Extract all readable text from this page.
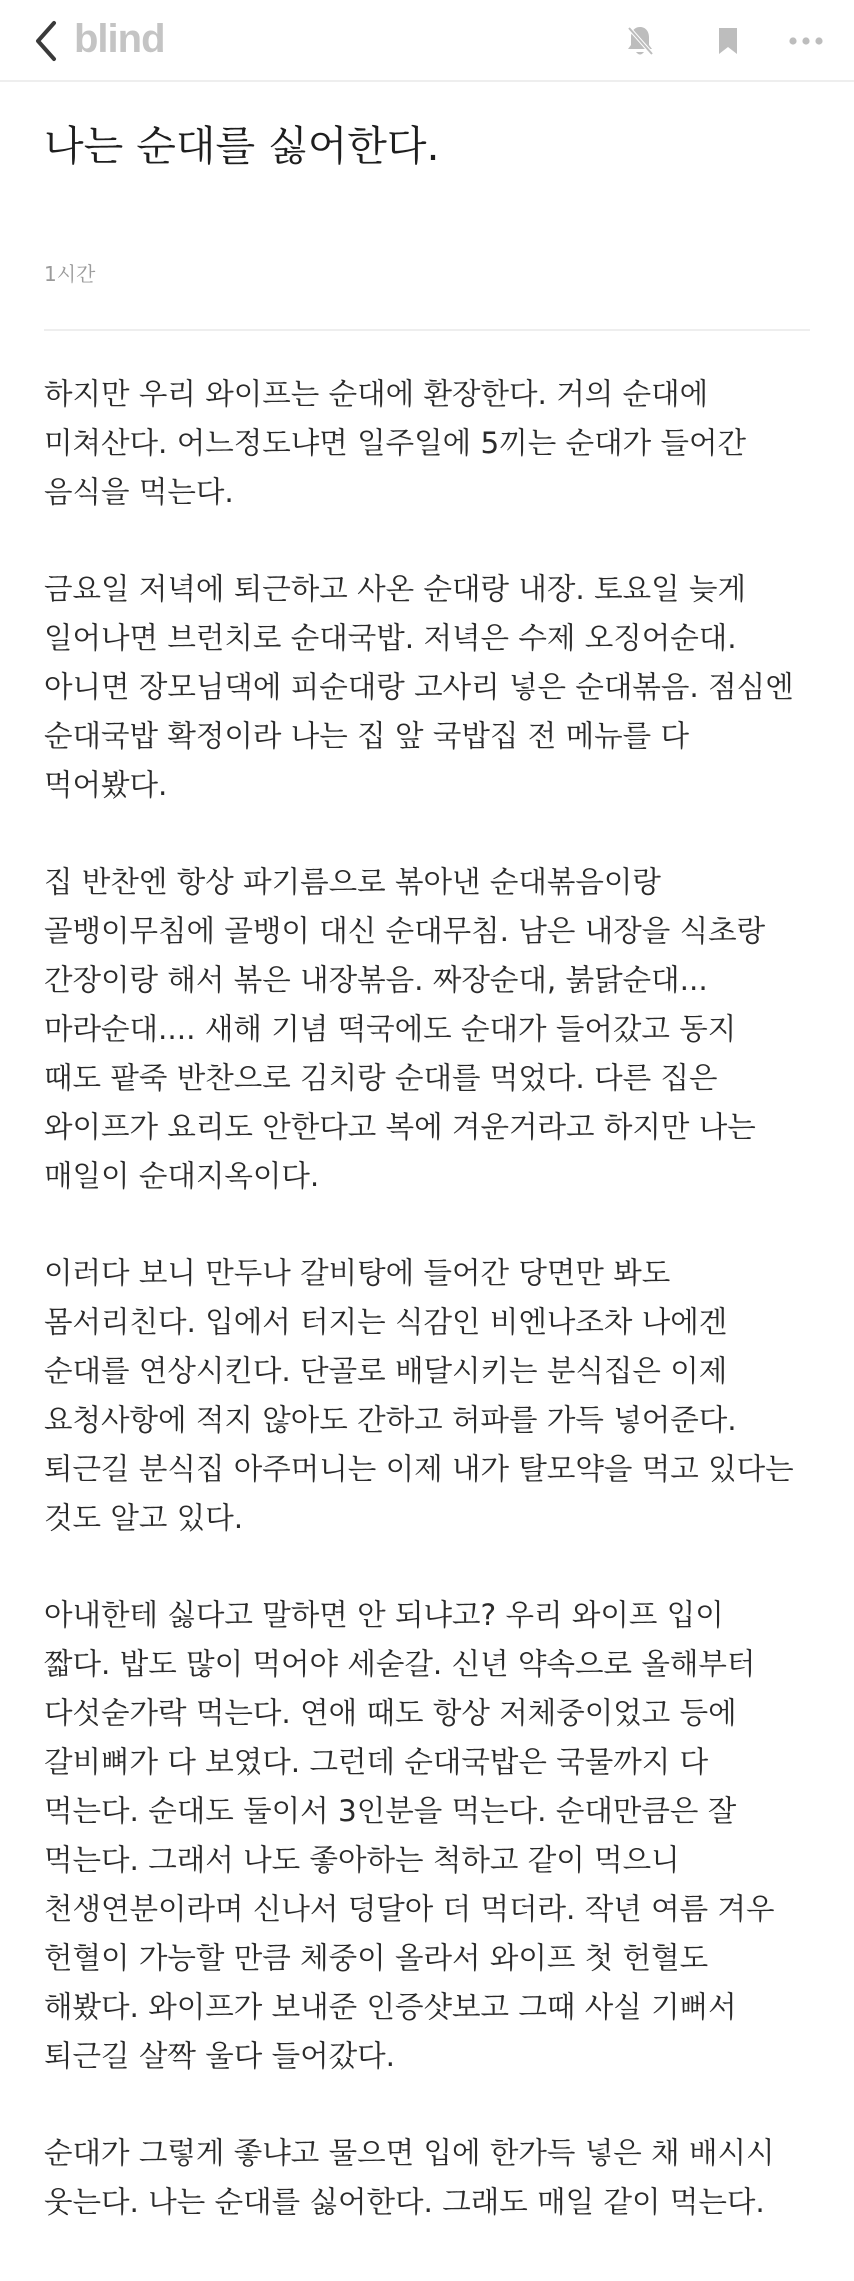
blind
나는 순대를 싫어한다.
1시간
하지만 우리 와이프는 순대에 환장한다. 거의 순대에
미쳐산다. 어느정도냐면 일주일에 5끼는 순대가 들어간
음식을 먹는다.
금요일 저녁에 퇴근하고 사온 순대랑 내장. 토요일 늦게
일어나면 브런치로 순대국밥. 저녁은 수제 오징어순대.
아니면 장모님댁에 피순대랑 고사리 넣은 순대볶음. 점심엔
순대국밥 확정이라 나는 집 앞 국밥집 전 메뉴를 다
먹어봤다.
집 반찬엔 항상 파기름으로 볶아낸 순대볶음이랑
골뱅이무침에 골뱅이 대신 순대무침. 남은 내장을 식초랑
간장이랑 해서 볶은 내장볶음. 짜장순대, 붉닭순대...
마라순대.... 새해 기념 떡국에도 순대가 들어갔고 동지
때도 팥죽 반찬으로 김치랑 순대를 먹었다. 다른 집은
와이프가 요리도 안한다고 복에 겨운거라고 하지만 나는
매일이 순대지옥이다.
이러다 보니 만두나 갈비탕에 들어간 당면만 봐도
몸서리친다. 입에서 터지는 식감인 비엔나조차 나에겐
순대를 연상시킨다. 단골로 배달시키는 분식집은 이제
요청사항에 적지 않아도 간하고 허파를 가득 넣어준다.
퇴근길 분식집 아주머니는 이제 내가 탈모약을 먹고 있다는
것도 알고 있다.
아내한테 싫다고 말하면 안 되냐고? 우리 와이프 입이
짧다. 밥도 많이 먹어야 세숟갈. 신년 약속으로 올해부터
다섯숟가락 먹는다. 연애 때도 항상 저체중이었고 등에
갈비뼈가 다 보였다. 그런데 순대국밥은 국물까지 다
먹는다. 순대도 둘이서 3인분을 먹는다. 순대만큼은 잘
먹는다. 그래서 나도 좋아하는 척하고 같이 먹으니
천생연분이라며 신나서 덩달아 더 먹더라. 작년 여름 겨우
헌혈이 가능할 만큼 체중이 올라서 와이프 첫 헌혈도
해봤다. 와이프가 보내준 인증샷보고 그때 사실 기뻐서
퇴근길 살짝 울다 들어갔다.
순대가 그렇게 좋냐고 물으면 입에 한가득 넣은 채 배시시
웃는다. 나는 순대를 싫어한다. 그래도 매일 같이 먹는다.
